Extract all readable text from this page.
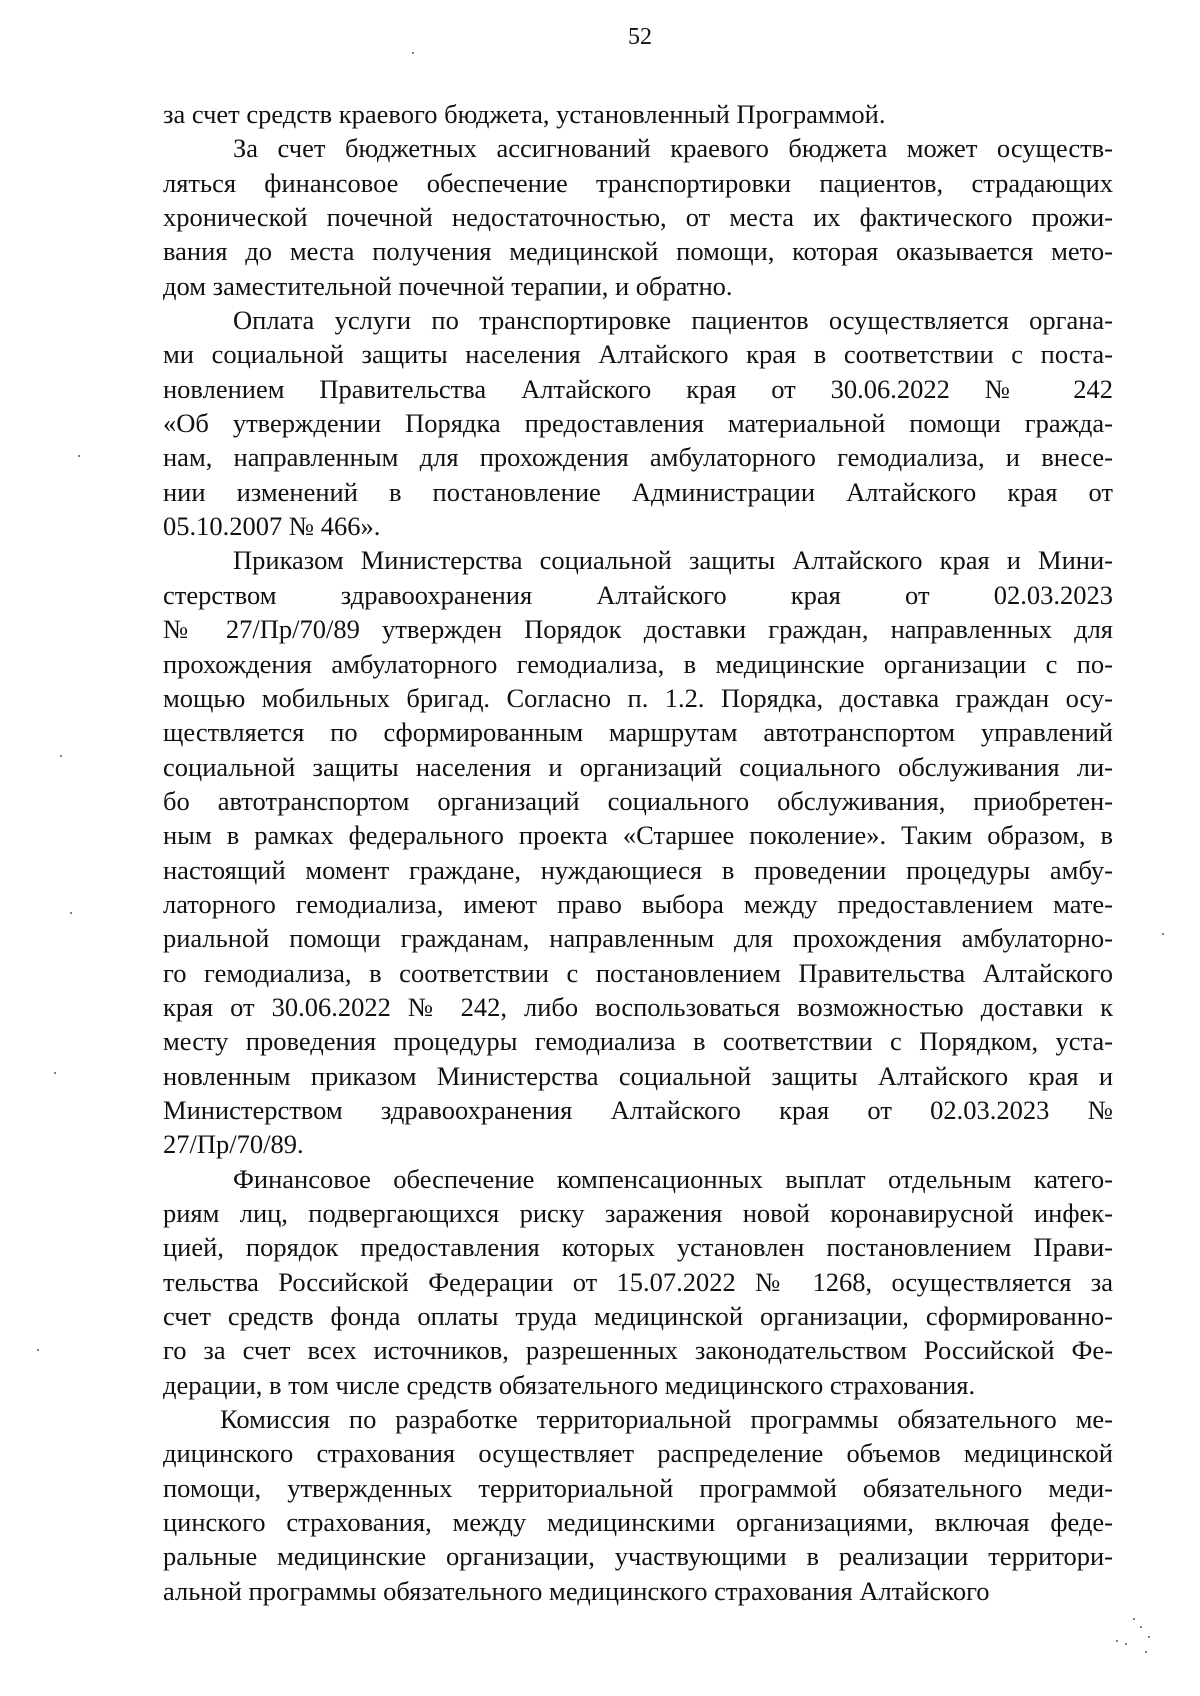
52
за счет средств краевого бюджета, установленный Программой.
За счет бюджетных ассигнований краевого бюджета может осуществ-
ляться финансовое обеспечение транспортировки пациентов, страдающих
хронической почечной недостаточностью, от места их фактического прожи-
вания до места получения медицинской помощи, которая оказывается мето-
дом заместительной почечной терапии, и обратно.
Оплата услуги по транспортировке пациентов осуществляется органа-
ми социальной защиты населения Алтайского края в соответствии с поста-
новлением Правительства Алтайского края от 30.06.2022 № 242
«Об утверждении Порядка предоставления материальной помощи гражда-
нам, направленным для прохождения амбулаторного гемодиализа, и внесе-
нии изменений в постановление Администрации Алтайского края от
05.10.2007 № 466».
Приказом Министерства социальной защиты Алтайского края и Мини-
стерством здравоохранения Алтайского края от 02.03.2023
№ 27/Пр/70/89 утвержден Порядок доставки граждан, направленных для
прохождения амбулаторного гемодиализа, в медицинские организации с по-
мощью мобильных бригад. Согласно п. 1.2. Порядка, доставка граждан осу-
ществляется по сформированным маршрутам автотранспортом управлений
социальной защиты населения и организаций социального обслуживания ли-
бо автотранспортом организаций социального обслуживания, приобретен-
ным в рамках федерального проекта «Старшее поколение». Таким образом, в
настоящий момент граждане, нуждающиеся в проведении процедуры амбу-
латорного гемодиализа, имеют право выбора между предоставлением мате-
риальной помощи гражданам, направленным для прохождения амбулаторно-
го гемодиализа, в соответствии с постановлением Правительства Алтайского
края от 30.06.2022 № 242, либо воспользоваться возможностью доставки к
месту проведения процедуры гемодиализа в соответствии с Порядком, уста-
новленным приказом Министерства социальной защиты Алтайского края и
Министерством здравоохранения Алтайского края от 02.03.2023 №
27/Пр/70/89.
Финансовое обеспечение компенсационных выплат отдельным катего-
риям лиц, подвергающихся риску заражения новой коронавирусной инфек-
цией, порядок предоставления которых установлен постановлением Прави-
тельства Российской Федерации от 15.07.2022 № 1268, осуществляется за
счет средств фонда оплаты труда медицинской организации, сформированно-
го за счет всех источников, разрешенных законодательством Российской Фе-
дерации, в том числе средств обязательного медицинского страхования.
Комиссия по разработке территориальной программы обязательного ме-
дицинского страхования осуществляет распределение объемов медицинской
помощи, утвержденных территориальной программой обязательного меди-
цинского страхования, между медицинскими организациями, включая феде-
ральные медицинские организации, участвующими в реализации территори-
альной программы обязательного медицинского страхования Алтайского
